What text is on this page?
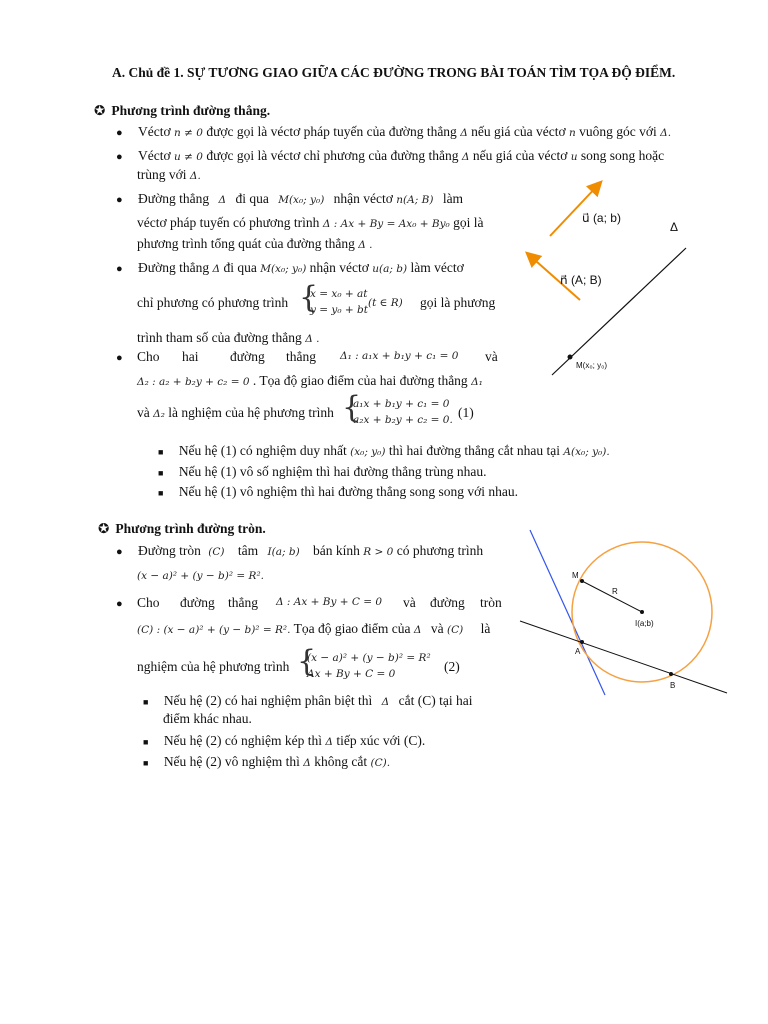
A. Chủ đề 1. SỰ TƯƠNG GIAO GIỮA CÁC ĐƯỜNG TRONG BÀI TOÁN TÌM TỌA ĐỘ ĐIỂM.
✪ Phương trình đường thẳng.
● Véctơ n ≠ 0 được gọi là véctơ pháp tuyến của đường thẳng Δ nếu giá của véctơ n vuông góc với Δ.
● Véctơ u ≠ 0 được gọi là véctơ chỉ phương của đường thẳng Δ nếu giá của véctơ u song song hoặc
trùng với Δ.
● Đường thẳng Δ đi qua M(x₀; y₀) nhận véctơ n(A; B) làm
véctơ pháp tuyến có phương trình Δ : Ax + By = Ax₀ + By₀ gọi là
phương trình tổng quát của đường thẳng Δ .
● Đường thẳng Δ đi qua M(x₀; y₀) nhận véctơ u(a; b) làm véctơ
chỉ phương có phương trình {
x = x₀ + at
y = y₀ + bt
(t ∈ R) gọi là phương
trình tham số của đường thẳng Δ .
● Cho hai đường thẳng Δ₁ : a₁x + b₁y + c₁ = 0 và
Δ₂ : a₂ + b₂y + c₂ = 0 . Tọa độ giao điểm của hai đường thẳng Δ₁
và Δ₂ là nghiệm của hệ phương trình {
a₁x + b₁y + c₁ = 0
a₂x + b₂y + c₂ = 0. (1)
■ Nếu hệ (1) có nghiệm duy nhất (x₀; y₀) thì hai đường thẳng cắt nhau tại A(x₀; y₀).
■ Nếu hệ (1) vô số nghiệm thì hai đường thẳng trùng nhau.
■ Nếu hệ (1) vô nghiệm thì hai đường thẳng song song với nhau.
u⃗ (a; b)
n⃗ (A; B)
Δ
M(x₀; y₀)
✪ Phương trình đường tròn.
● Đường tròn (C) tâm I(a; b) bán kính R > 0 có phương trình
(x − a)² + (y − b)² = R².
● Cho đường thẳng Δ : Ax + By + C = 0 và đường tròn
(C) : (x − a)² + (y − b)² = R². Tọa độ giao điểm của Δ và (C) là
nghiệm của hệ phương trình {
(x − a)² + (y − b)² = R²
Ax + By + C = 0	(2)
■ Nếu hệ (2) có hai nghiệm phân biệt thì Δ cắt (C) tại hai
điểm khác nhau.
■ Nếu hệ (2) có nghiệm kép thì Δ tiếp xúc với (C).
■ Nếu hệ (2) vô nghiệm thì Δ không cắt (C).
M
R
I(a;b)
A
B
